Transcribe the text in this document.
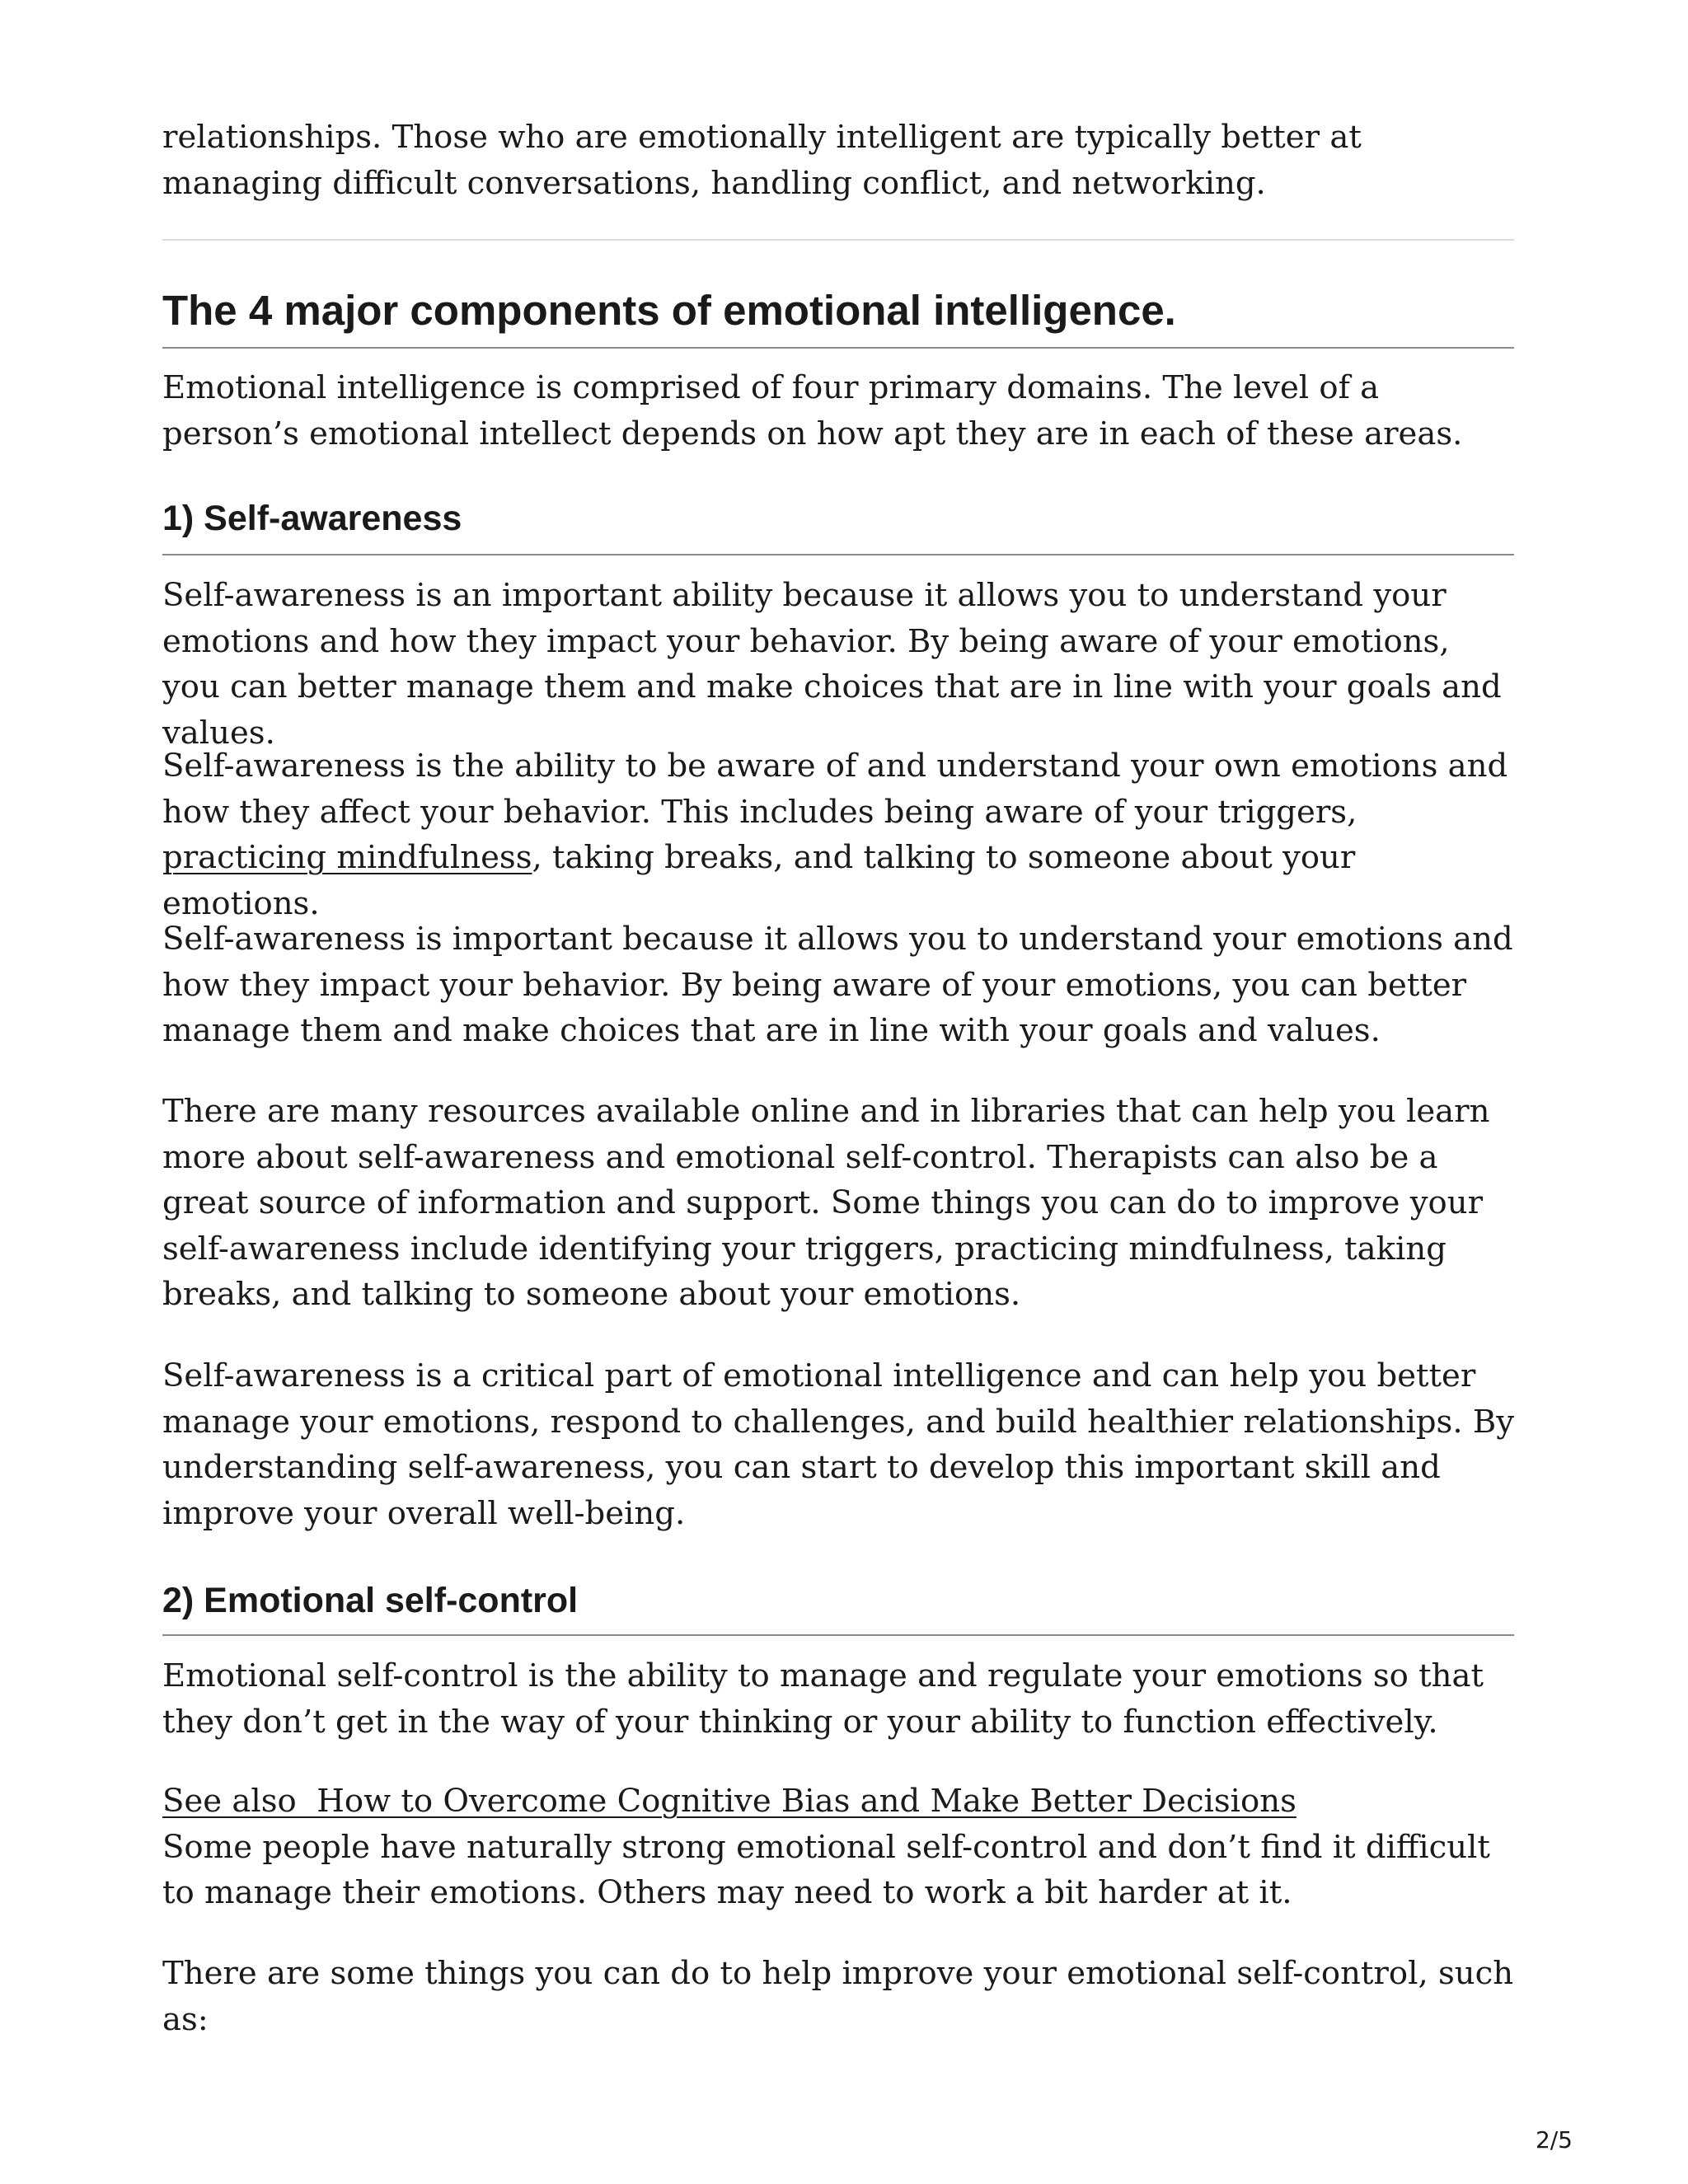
relationships. Those who are emotionally intelligent are typically better at managing difficult conversations, handling conflict, and networking.

The 4 major components of emotional intelligence.

Emotional intelligence is comprised of four primary domains. The level of a person’s emotional intellect depends on how apt they are in each of these areas.

1) Self-awareness

Self-awareness is an important ability because it allows you to understand your emotions and how they impact your behavior. By being aware of your emotions, you can better manage them and make choices that are in line with your goals and values.

Self-awareness is the ability to be aware of and understand your own emotions and how they affect your behavior. This includes being aware of your triggers, practicing mindfulness, taking breaks, and talking to someone about your emotions.

Self-awareness is important because it allows you to understand your emotions and how they impact your behavior. By being aware of your emotions, you can better manage them and make choices that are in line with your goals and values.

There are many resources available online and in libraries that can help you learn more about self-awareness and emotional self-control. Therapists can also be a great source of information and support. Some things you can do to improve your self-awareness include identifying your triggers, practicing mindfulness, taking breaks, and talking to someone about your emotions.

Self-awareness is a critical part of emotional intelligence and can help you better manage your emotions, respond to challenges, and build healthier relationships. By understanding self-awareness, you can start to develop this important skill and improve your overall well-being.

2) Emotional self-control

Emotional self-control is the ability to manage and regulate your emotions so that they don’t get in the way of your thinking or your ability to function effectively.

See also  How to Overcome Cognitive Bias and Make Better Decisions

Some people have naturally strong emotional self-control and don’t find it difficult to manage their emotions. Others may need to work a bit harder at it.

There are some things you can do to help improve your emotional self-control, such as:

2/5
